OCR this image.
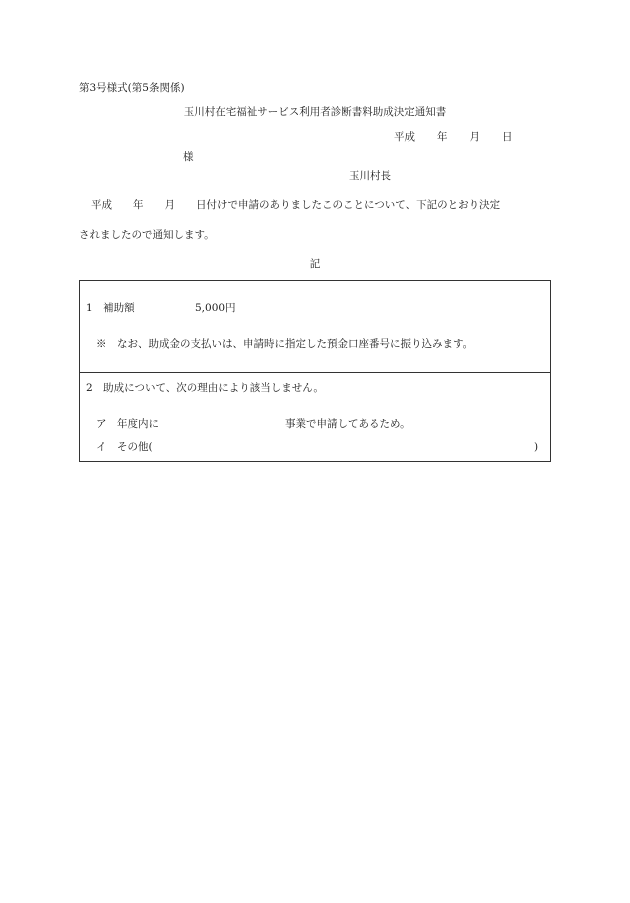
第3号様式(第5条関係)
玉川村在宅福祉サービス利用者診断書料助成決定通知書
平成 年 月 日
様
玉川村長
平成　　年　　月　　日付けで申請のありましたこのことについて、下記のとおり決定
されましたので通知します。
記
1　補助額	5,000円
※　なお、助成金の支払いは、申請時に指定した預金口座番号に振り込みます。
2　助成について、次の理由により該当しません。
ア　年度内に	事業で申請してあるため。
イ　その他(	)
